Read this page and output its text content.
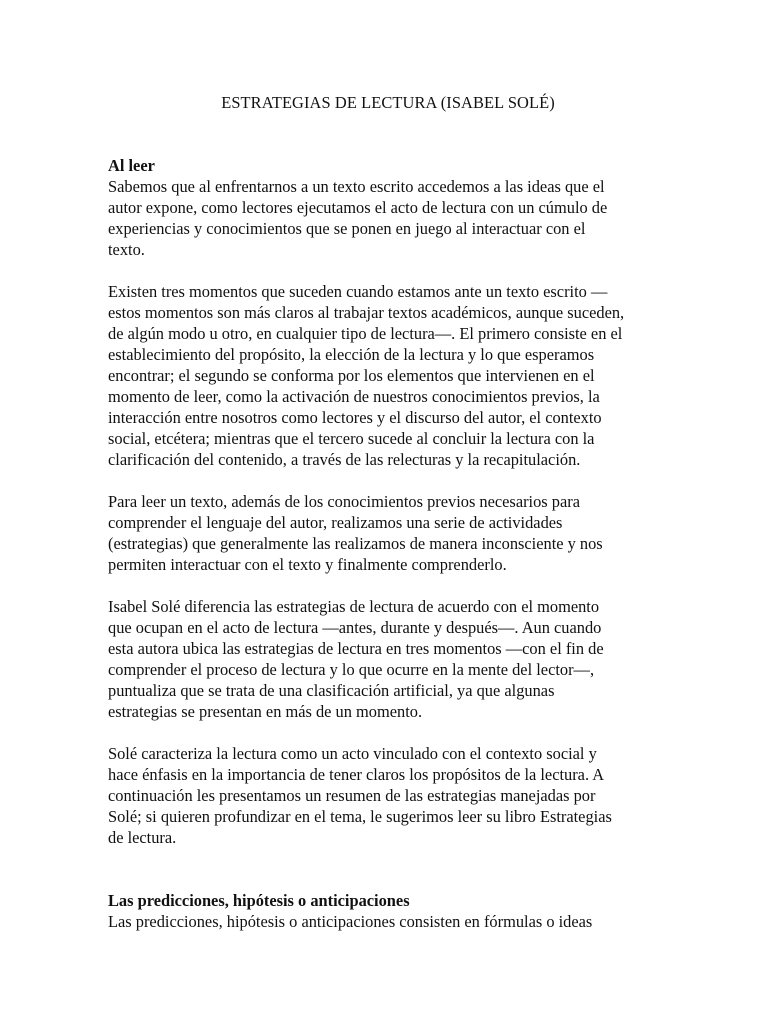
ESTRATEGIAS DE LECTURA (ISABEL SOLÉ)
Al leer

Sabemos que al enfrentarnos a un texto escrito accedemos a las ideas que el
autor expone, como lectores ejecutamos el acto de lectura con un cúmulo de
experiencias y conocimientos que se ponen en juego al interactuar con el
texto.

Existen tres momentos que suceden cuando estamos ante un texto escrito —
estos momentos son más claros al trabajar textos académicos, aunque suceden,
de algún modo u otro, en cualquier tipo de lectura—. El primero consiste en el
establecimiento del propósito, la elección de la lectura y lo que esperamos
encontrar; el segundo se conforma por los elementos que intervienen en el
momento de leer, como la activación de nuestros conocimientos previos, la
interacción entre nosotros como lectores y el discurso del autor, el contexto
social, etcétera; mientras que el tercero sucede al concluir la lectura con la
clarificación del contenido, a través de las relecturas y la recapitulación.

Para leer un texto, además de los conocimientos previos necesarios para
comprender el lenguaje del autor, realizamos una serie de actividades
(estrategias) que generalmente las realizamos de manera inconsciente y nos
permiten interactuar con el texto y finalmente comprenderlo.

Isabel Solé diferencia las estrategias de lectura de acuerdo con el momento
que ocupan en el acto de lectura —antes, durante y después—. Aun cuando
esta autora ubica las estrategias de lectura en tres momentos —con el fin de
comprender el proceso de lectura y lo que ocurre en la mente del lector—,
puntualiza que se trata de una clasificación artificial, ya que algunas
estrategias se presentan en más de un momento.

Solé caracteriza la lectura como un acto vinculado con el contexto social y
hace énfasis en la importancia de tener claros los propósitos de la lectura. A
continuación les presentamos un resumen de las estrategias manejadas por
Solé; si quieren profundizar en el tema, le sugerimos leer su libro Estrategias
de lectura.

Las predicciones, hipótesis o anticipaciones

Las predicciones, hipótesis o anticipaciones consisten en fórmulas o ideas
